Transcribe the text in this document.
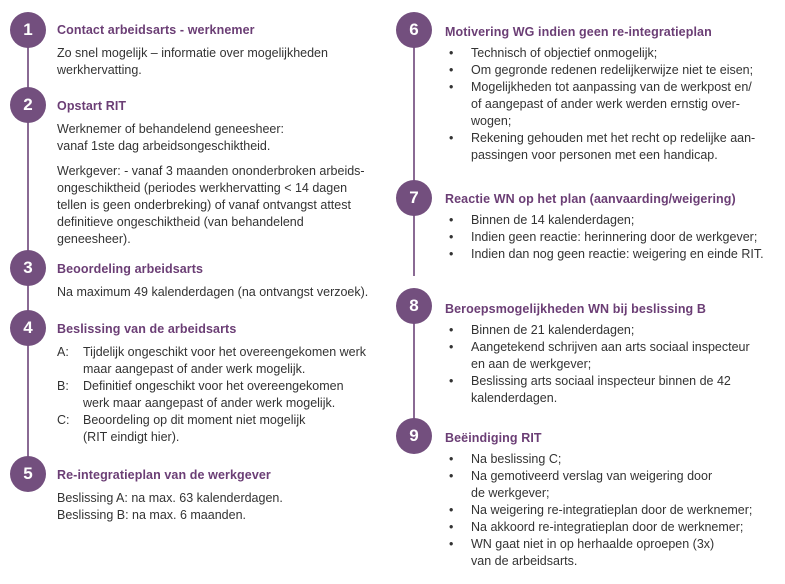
1	Contact arbeidsarts - werknemer

Zo snel mogelijk – informatie over mogelijkheden

werkhervatting.

2	Opstart RIT

Werknemer of behandelend geneesheer:

vanaf 1ste dag arbeidsongeschiktheid.

Werkgever: - vanaf 3 maanden ononderbroken arbeids-

ongeschiktheid (periodes werkhervatting < 14 dagen

tellen is geen onderbreking) of vanaf ontvangst attest

definitieve ongeschiktheid (van behandelend

geneesheer).

3	Beoordeling arbeidsarts

Na maximum 49 kalenderdagen (na ontvangst verzoek).

4	Beslissing van de arbeidsarts
A:	Tijdelijk ongeschikt voor het overeengekomen werk

maar aangepast of ander werk mogelijk.

B:	Definitief ongeschikt voor het overeengekomen

werk maar aangepast of ander werk mogelijk.

C:	Beoordeling op dit moment niet mogelijk

(RIT eindigt hier).

5	Re-integratieplan van de werkgever

Beslissing A: na max. 63 kalenderdagen.

Beslissing B: na max. 6 maanden.

6	Motivering WG indien geen re-integratieplan
• Technisch of objectief onmogelijk;
• Om gegronde redenen redelijkerwijze niet te eisen;
• Mogelijkheden tot aanpassing van de werkpost en/
of aangepast of ander werk werden ernstig over-
wogen;
• Rekening gehouden met het recht op redelijke aan-
passingen voor personen met een handicap.
7	Reactie WN op het plan (aanvaarding/weigering)
• Binnen de 14 kalenderdagen;
• Indien geen reactie: herinnering door de werkgever;
• Indien dan nog geen reactie: weigering en einde RIT.
8	Beroepsmogelijkheden WN bij beslissing B
• Binnen de 21 kalenderdagen;
• Aangetekend schrijven aan arts sociaal inspecteur
en aan de werkgever;
• Beslissing arts sociaal inspecteur binnen de 42
kalenderdagen.
9	Beëindiging RIT
• Na beslissing C;
• Na gemotiveerd verslag van weigering door
de werkgever;
• Na weigering re-integratieplan door de werknemer;
• Na akkoord re-integratieplan door de werknemer;
• WN gaat niet in op herhaalde oproepen (3x)
van de arbeidsarts.
